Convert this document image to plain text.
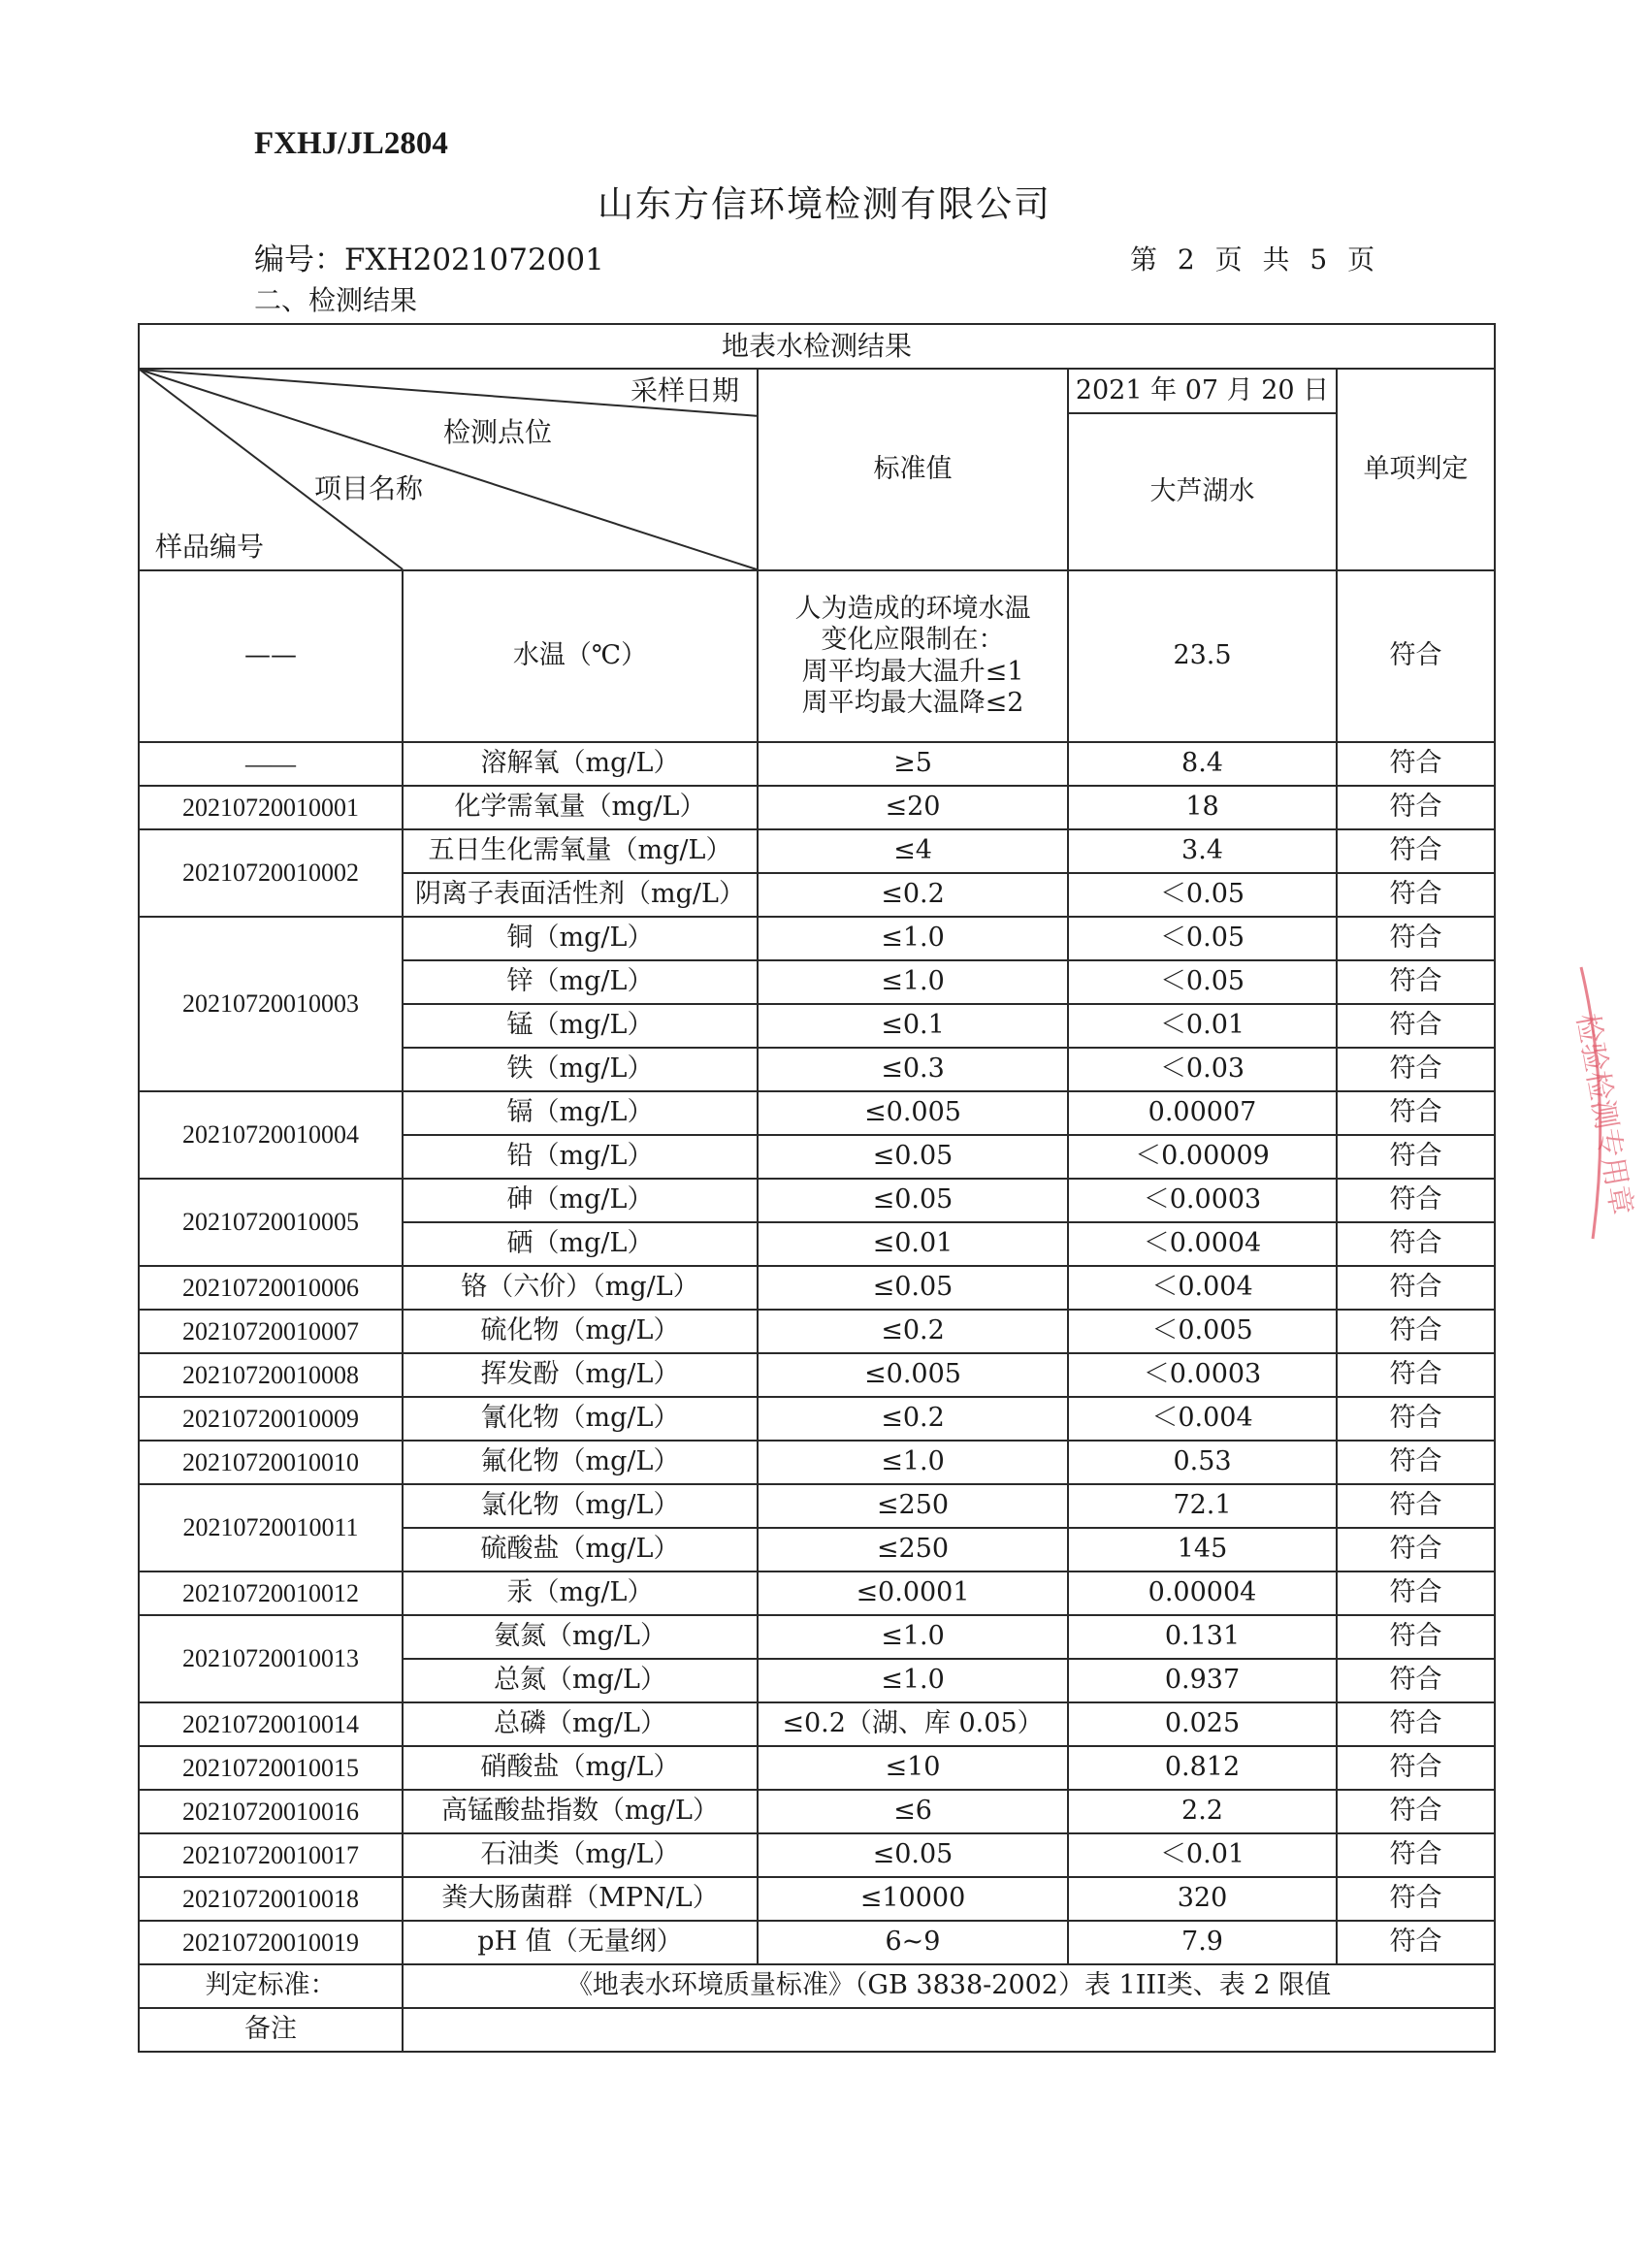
FXHJ/JL2804
山东方信环境检测有限公司
编号：FXH2021072001	第 2 页 共 5 页
二、检测结果
地表水检测结果				

采样日期
检测点位
项目名称
样品编号		标准值	2021 年 07 月 20 日	单项判定
			大芦湖水	
——	水温（℃）	人为造成的环境水温
变化应限制在：
周平均最大温升≤1
周平均最大温降≤2	23.5	符合
——	溶解氧（mg/L）	≥5	8.4	符合
20210720010001	化学需氧量（mg/L）	≤20	18	符合
20210720010002	五日生化需氧量（mg/L）	≤4	3.4	符合
	阴离子表面活性剂（mg/L）	≤0.2	＜0.05	符合
20210720010003	铜（mg/L）	≤1.0	＜0.05	符合
	锌（mg/L）	≤1.0	＜0.05	符合
	锰（mg/L）	≤0.1	＜0.01	符合
	铁（mg/L）	≤0.3	＜0.03	符合
20210720010004	镉（mg/L）	≤0.005	0.00007	符合
	铅（mg/L）	≤0.05	＜0.00009	符合
20210720010005	砷（mg/L）	≤0.05	＜0.0003	符合
	硒（mg/L）	≤0.01	＜0.0004	符合
20210720010006	铬（六价）（mg/L）	≤0.05	＜0.004	符合
20210720010007	硫化物（mg/L）	≤0.2	＜0.005	符合
20210720010008	挥发酚（mg/L）	≤0.005	＜0.0003	符合
20210720010009	氰化物（mg/L）	≤0.2	＜0.004	符合
20210720010010	氟化物（mg/L）	≤1.0	0.53	符合
20210720010011	氯化物（mg/L）	≤250	72.1	符合
	硫酸盐（mg/L）	≤250	145	符合
20210720010012	汞（mg/L）	≤0.0001	0.00004	符合
20210720010013	氨氮（mg/L）	≤1.0	0.131	符合
	总氮（mg/L）	≤1.0	0.937	符合
20210720010014	总磷（mg/L）	≤0.2（湖、库 0.05）	0.025	符合
20210720010015	硝酸盐（mg/L）	≤10	0.812	符合
20210720010016	高锰酸盐指数（mg/L）	≤6	2.2	符合
20210720010017	石油类（mg/L）	≤0.05	＜0.01	符合
20210720010018	粪大肠菌群（MPN/L）	≤10000	320	符合
20210720010019	pH 值（无量纲）	6~9	7.9	符合
判定标准：	《地表水环境质量标准》（GB 3838-2002）表 1III类、表 2 限值			
备注				
检验检测专用章
